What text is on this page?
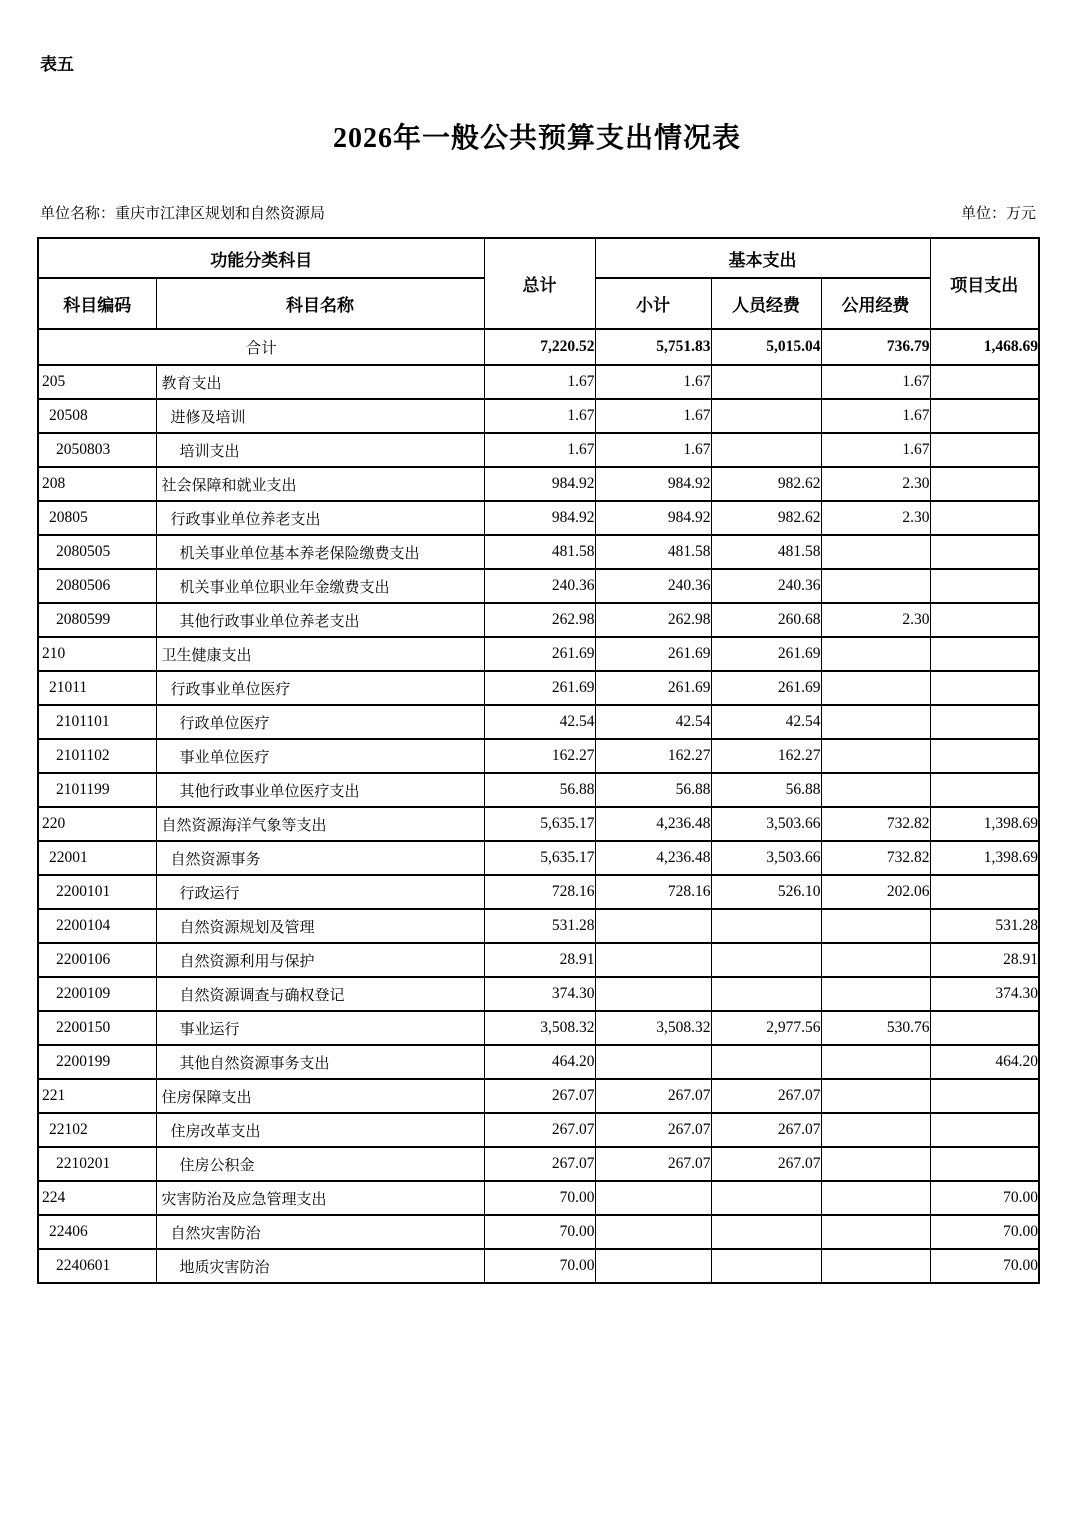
表五
2026年一般公共预算支出情况表
单位名称：重庆市江津区规划和自然资源局	单位：万元
功能分类科目		总计	基本支出			项目支出
科目编码	科目名称		小计	人员经费	公用经费	
合计		7,220.52	5,751.83	5,015.04	736.79	1,468.69
205	教育支出	1.67	1.67		1.67	
20508	进修及培训	1.67	1.67		1.67	
2050803	培训支出	1.67	1.67		1.67	
208	社会保障和就业支出	984.92	984.92	982.62	2.30	
20805	行政事业单位养老支出	984.92	984.92	982.62	2.30	
2080505	机关事业单位基本养老保险缴费支出	481.58	481.58	481.58		
2080506	机关事业单位职业年金缴费支出	240.36	240.36	240.36		
2080599	其他行政事业单位养老支出	262.98	262.98	260.68	2.30	
210	卫生健康支出	261.69	261.69	261.69		
21011	行政事业单位医疗	261.69	261.69	261.69		
2101101	行政单位医疗	42.54	42.54	42.54		
2101102	事业单位医疗	162.27	162.27	162.27		
2101199	其他行政事业单位医疗支出	56.88	56.88	56.88		
220	自然资源海洋气象等支出	5,635.17	4,236.48	3,503.66	732.82	1,398.69
22001	自然资源事务	5,635.17	4,236.48	3,503.66	732.82	1,398.69
2200101	行政运行	728.16	728.16	526.10	202.06	
2200104	自然资源规划及管理	531.28				531.28
2200106	自然资源利用与保护	28.91				28.91
2200109	自然资源调查与确权登记	374.30				374.30
2200150	事业运行	3,508.32	3,508.32	2,977.56	530.76	
2200199	其他自然资源事务支出	464.20				464.20
221	住房保障支出	267.07	267.07	267.07		
22102	住房改革支出	267.07	267.07	267.07		
2210201	住房公积金	267.07	267.07	267.07		
224	灾害防治及应急管理支出	70.00				70.00
22406	自然灾害防治	70.00				70.00
2240601	地质灾害防治	70.00				70.00
